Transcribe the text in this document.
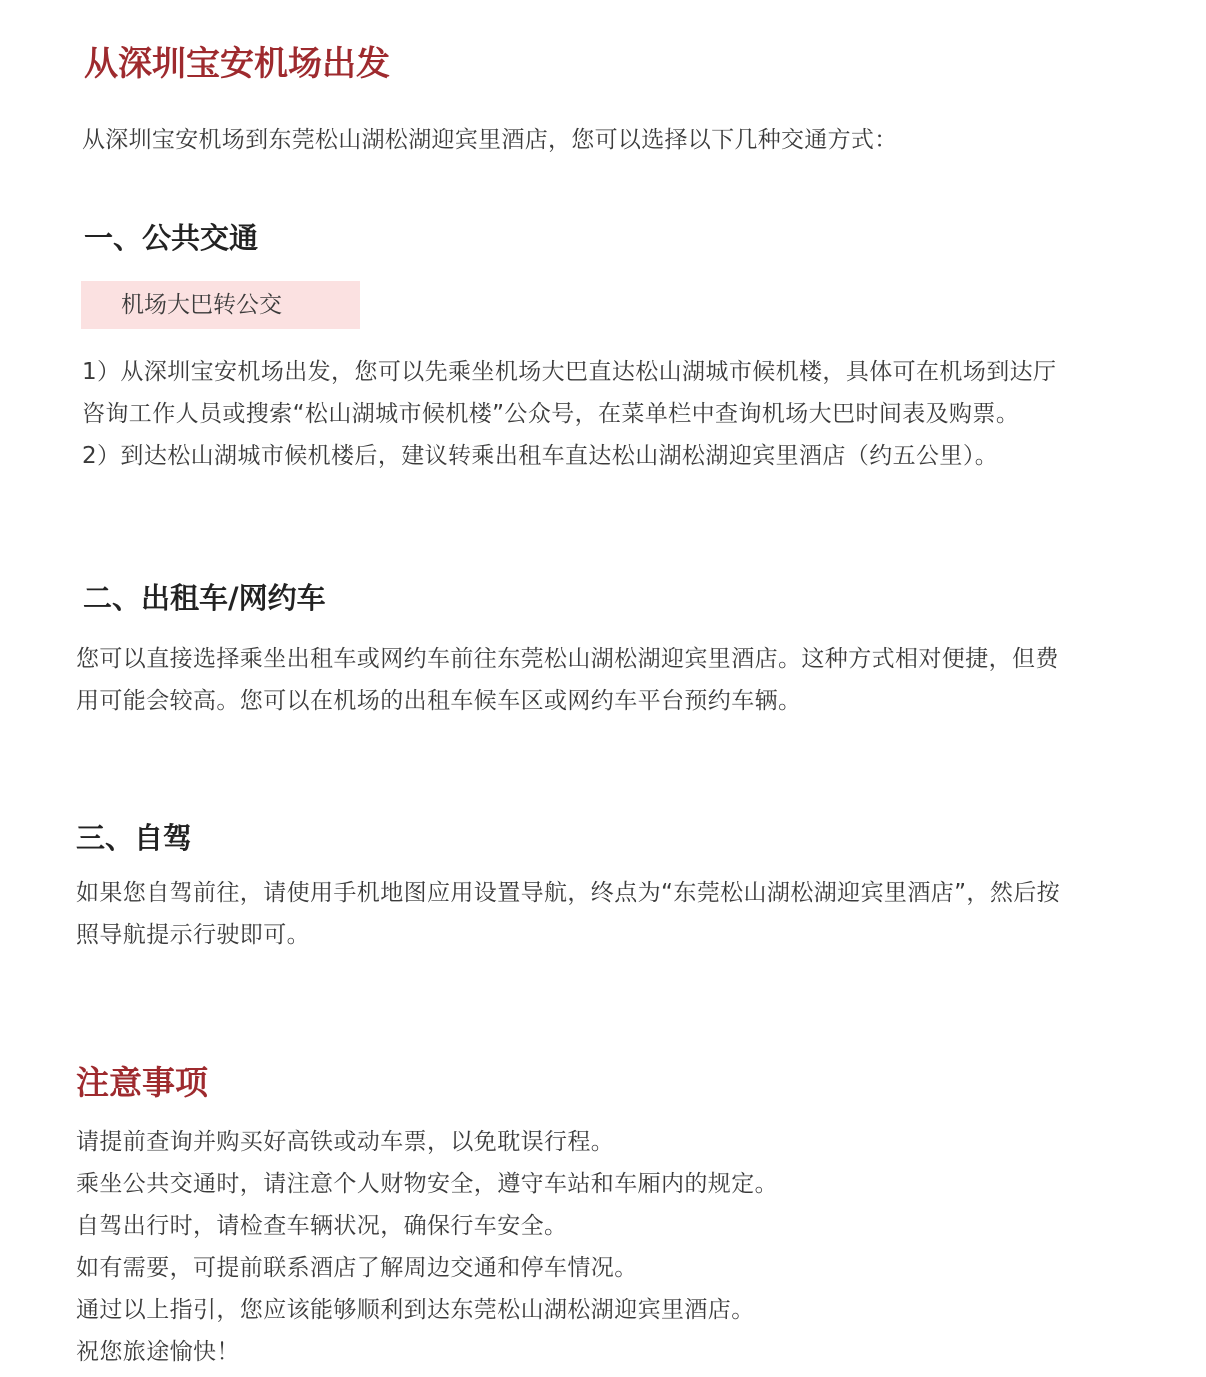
从深圳宝安机场出发

从深圳宝安机场到东莞松山湖松湖迎宾里酒店，您可以选择以下几种交通方式：

一、公共交通
机场大巴转公交
1）从深圳宝安机场出发，您可以先乘坐机场大巴直达松山湖城市候机楼，具体可在机场到达厅
咨询工作人员或搜索“松山湖城市候机楼”公众号，在菜单栏中查询机场大巴时间表及购票。
2）到达松山湖城市候机楼后，建议转乘出租车直达松山湖松湖迎宾里酒店（约五公里）。
二、出租车/网约车
您可以直接选择乘坐出租车或网约车前往东莞松山湖松湖迎宾里酒店。这种方式相对便捷，但费
用可能会较高。您可以在机场的出租车候车区或网约车平台预约车辆。
三、自驾
如果您自驾前往，请使用手机地图应用设置导航，终点为“东莞松山湖松湖迎宾里酒店”，然后按
照导航提示行驶即可。
注意事项
请提前查询并购买好高铁或动车票，以免耽误行程。
乘坐公共交通时，请注意个人财物安全，遵守车站和车厢内的规定。
自驾出行时，请检查车辆状况，确保行车安全。
如有需要，可提前联系酒店了解周边交通和停车情况。
通过以上指引，您应该能够顺利到达东莞松山湖松湖迎宾里酒店。
祝您旅途愉快！
